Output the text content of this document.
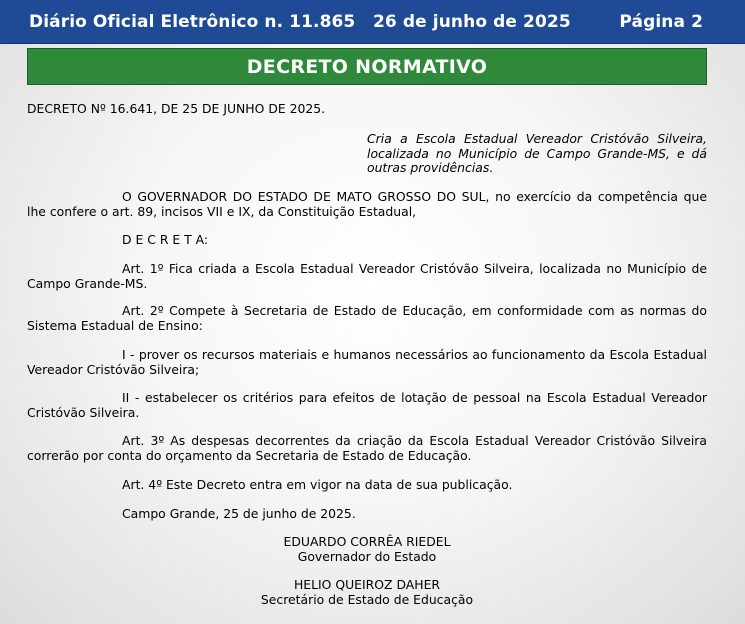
Diário Oficial Eletrônico n. 11.865 26 de junho de 2025	Página 2
DECRETO NORMATIVO

DECRETO Nº 16.641, DE 25 DE JUNHO DE 2025.

Cria a Escola Estadual Vereador Cristóvão Silveira, localizada no Município de Campo Grande-MS, e dá outras providências.

O GOVERNADOR DO ESTADO DE MATO GROSSO DO SUL, no exercício da competência que lhe confere o art. 89, incisos VII e IX, da Constituição Estadual,

D E C R E T A:

Art. 1º Fica criada a Escola Estadual Vereador Cristóvão Silveira, localizada no Município de Campo Grande-MS.

Art. 2º Compete à Secretaria de Estado de Educação, em conformidade com as normas do Sistema Estadual de Ensino:

I - prover os recursos materiais e humanos necessários ao funcionamento da Escola Estadual Vereador Cristóvão Silveira;

II - estabelecer os critérios para efeitos de lotação de pessoal na Escola Estadual Vereador Cristóvão Silveira.

Art. 3º As despesas decorrentes da criação da Escola Estadual Vereador Cristóvão Silveira correrão por conta do orçamento da Secretaria de Estado de Educação.

Art. 4º Este Decreto entra em vigor na data de sua publicação.

Campo Grande, 25 de junho de 2025.

EDUARDO CORRÊA RIEDEL

Governador do Estado

HELIO QUEIROZ DAHER

Secretário de Estado de Educação
